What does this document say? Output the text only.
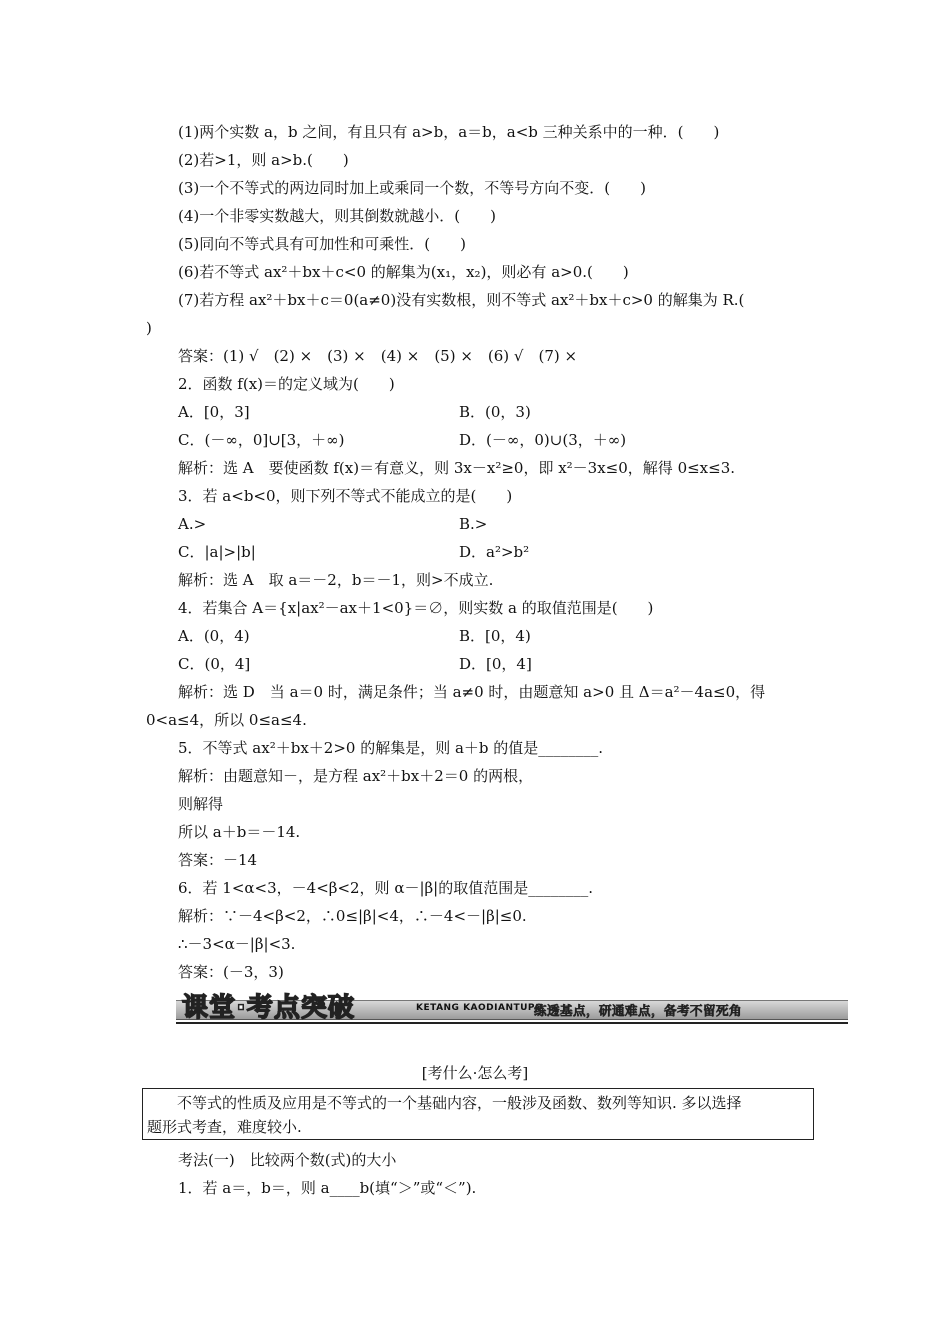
(1)两个实数 a，b 之间，有且只有 a>b，a＝b，a<b 三种关系中的一种．(　　)
(2)若>1，则 a>b.(　　)
(3)一个不等式的两边同时加上或乘同一个数，不等号方向不变．(　　)
(4)一个非零实数越大，则其倒数就越小．(　　)
(5)同向不等式具有可加性和可乘性．(　　)
(6)若不等式 ax²＋bx＋c<0 的解集为(x₁，x₂)，则必有 a>0.(　　)
(7)若方程 ax²＋bx＋c＝0(a≠0)没有实数根，则不等式 ax²＋bx＋c>0 的解集为 R.(
)
答案：(1) √　(2) ×　(3) ×　(4) ×　(5) ×　(6) √　(7) ×
2．函数 f(x)＝的定义域为(　　)
A．[0，3]	B．(0，3)
C．(－∞，0]∪[3，＋∞)	D．(－∞，0)∪(3，＋∞)
解析：选 A　要使函数 f(x)＝有意义，则 3x－x²≥0，即 x²－3x≤0，解得 0≤x≤3.
3．若 a<b<0，则下列不等式不能成立的是(　　)
A.>	B.>
C．|a|>|b|	D．a²>b²
解析：选 A　取 a＝－2，b＝－1，则>不成立.
4．若集合 A＝{x|ax²－ax＋1<0}＝∅，则实数 a 的取值范围是(　　)
A．(0，4)	B．[0，4)
C．(0，4]	D．[0，4]
解析：选 D　当 a＝0 时，满足条件；当 a≠0 时，由题意知 a>0 且 Δ＝a²－4a≤0，得
0<a≤4，所以 0≤a≤4.
5．不等式 ax²＋bx＋2>0 的解集是，则 a＋b 的值是________.
解析：由题意知－，是方程 ax²＋bx＋2＝0 的两根，
则解得
所以 a＋b＝－14.
答案：－14
6．若 1<α<3，－4<β<2，则 α－|β|的取值范围是________.
解析：∵－4<β<2，∴0≤|β|<4，∴－4<－|β|≤0.
∴－3<α－|β|<3.
答案：(－3，3)
课堂·考点突破	KETANG KAODIANTUPO
练透基点，研通难点，备考不留死角
[考什么·怎么考]
不等式的性质及应用是不等式的一个基础内容，一般涉及函数、数列等知识. 多以选择
题形式考查，难度较小.
考法(一)　比较两个数(式)的大小
1．若 a＝，b＝，则 a____b(填“＞”或“＜”).
